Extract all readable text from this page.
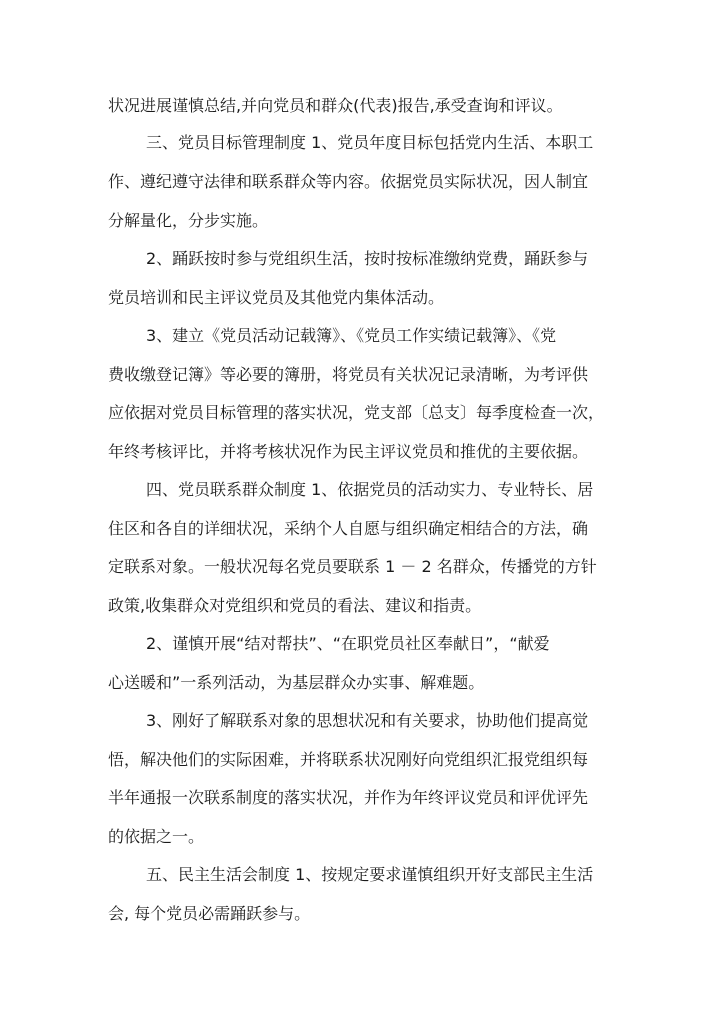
状况进展谨慎总结,并向党员和群众(代表)报告,承受查询和评议。
三、党员目标管理制度 1、党员年度目标包括党内生活、本职工
作、遵纪遵守法律和联系群众等内容。依据党员实际状况，因人制宜
分解量化，分步实施。
2、踊跃按时参与党组织生活，按时按标准缴纳党费，踊跃参与
党员培训和民主评议党员及其他党内集体活动。
3、建立《党员活动记载簿》、《党员工作实绩记载簿》、《党
费收缴登记簿》等必要的簿册，将党员有关状况记录清晰，为考评供
应依据对党员目标管理的落实状况，党支部〔总支〕每季度检查一次，
年终考核评比，并将考核状况作为民主评议党员和推优的主要依据。
四、党员联系群众制度 1、依据党员的活动实力、专业特长、居
住区和各自的详细状况，采纳个人自愿与组织确定相结合的方法，确
定联系对象。一般状况每名党员要联系 1 － 2 名群众，传播党的方针
政策,收集群众对党组织和党员的看法、建议和指责。
2、谨慎开展“结对帮扶”、“在职党员社区奉献日”，“献爱
心送暖和”一系列活动，为基层群众办实事、解难题。
3、刚好了解联系对象的思想状况和有关要求，协助他们提高觉
悟，解决他们的实际困难，并将联系状况刚好向党组织汇报党组织每
半年通报一次联系制度的落实状况，并作为年终评议党员和评优评先
的依据之一。
五、民主生活会制度 1、按规定要求谨慎组织开好支部民主生活
会, 每个党员必需踊跃参与。
